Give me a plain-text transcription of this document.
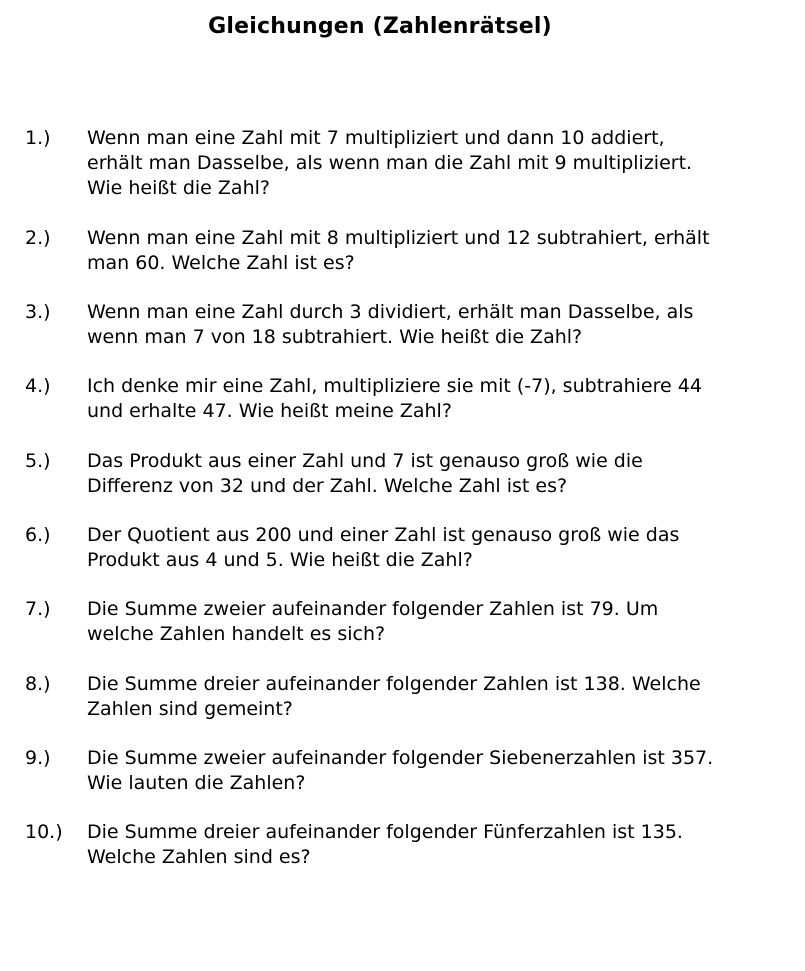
Gleichungen (Zahlenrätsel)
1.) Wenn man eine Zahl mit 7 multipliziert und dann 10 addiert,
erhält man Dasselbe, als wenn man die Zahl mit 9 multipliziert.
Wie heißt die Zahl?
2.) Wenn man eine Zahl mit 8 multipliziert und 12 subtrahiert, erhält
man 60. Welche Zahl ist es?
3.) Wenn man eine Zahl durch 3 dividiert, erhält man Dasselbe, als
wenn man 7 von 18 subtrahiert. Wie heißt die Zahl?
4.) Ich denke mir eine Zahl, multipliziere sie mit (-7), subtrahiere 44
und erhalte 47. Wie heißt meine Zahl?
5.) Das Produkt aus einer Zahl und 7 ist genauso groß wie die
Differenz von 32 und der Zahl. Welche Zahl ist es?
6.) Der Quotient aus 200 und einer Zahl ist genauso groß wie das
Produkt aus 4 und 5. Wie heißt die Zahl?
7.) Die Summe zweier aufeinander folgender Zahlen ist 79. Um
welche Zahlen handelt es sich?
8.) Die Summe dreier aufeinander folgender Zahlen ist 138. Welche
Zahlen sind gemeint?
9.) Die Summe zweier aufeinander folgender Siebenerzahlen ist 357.
Wie lauten die Zahlen?
10.) Die Summe dreier aufeinander folgender Fünferzahlen ist 135.
Welche Zahlen sind es?
